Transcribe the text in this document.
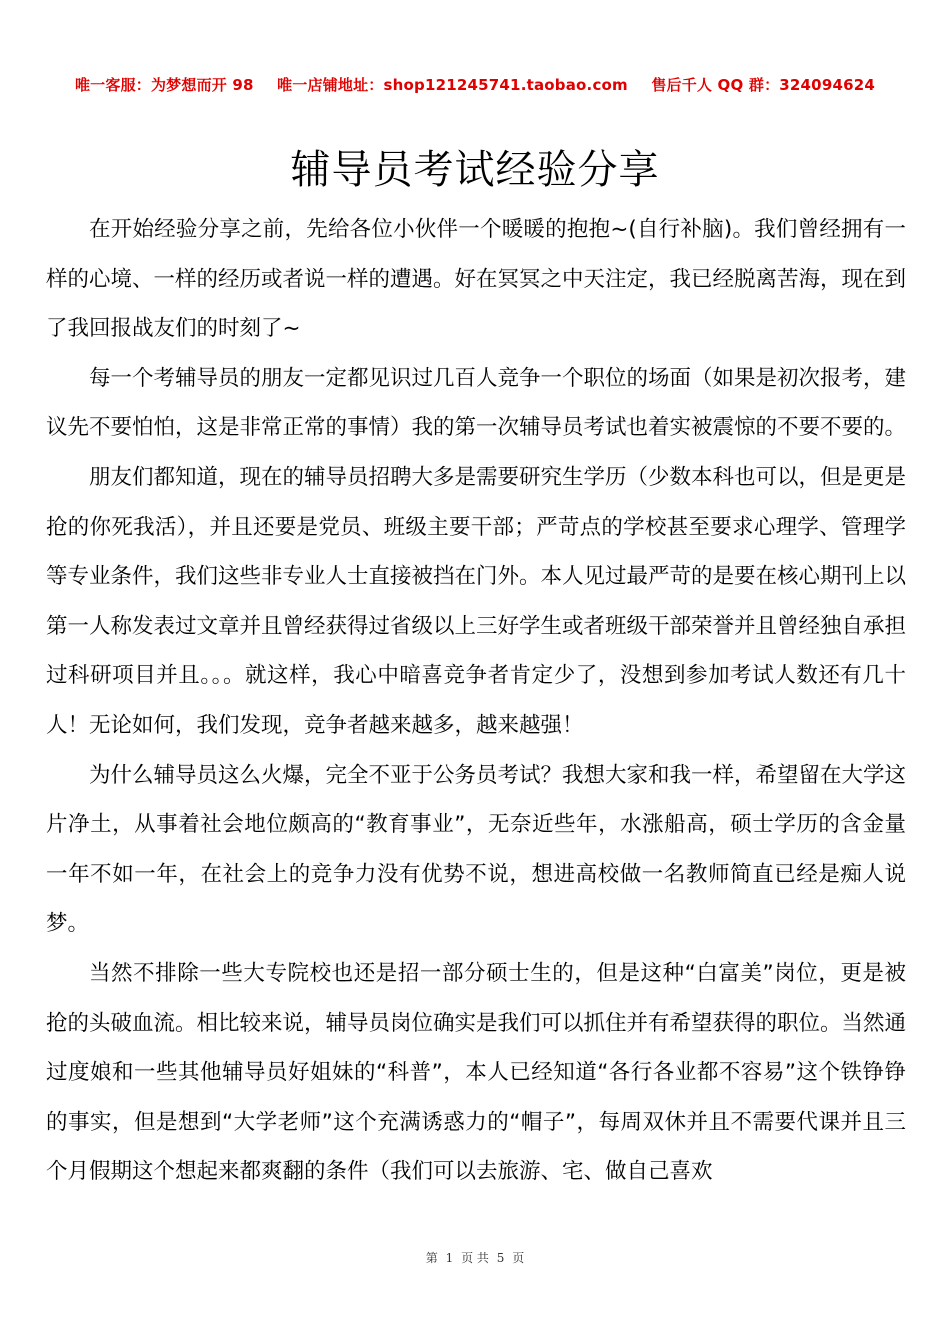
唯一客服：为梦想而开 98 唯一店铺地址：shop121245741.taobao.com 售后千人 QQ 群：324094624
辅导员考试经验分享

在开始经验分享之前，先给各位小伙伴一个暖暖的抱抱~(自行补脑)。我们曾经拥有一样的心境、一样的经历或者说一样的遭遇。好在冥冥之中天注定，我已经脱离苦海，现在到了我回报战友们的时刻了~

每一个考辅导员的朋友一定都见识过几百人竞争一个职位的场面（如果是初次报考，建议先不要怕怕，这是非常正常的事情）我的第一次辅导员考试也着实被震惊的不要不要的。

朋友们都知道，现在的辅导员招聘大多是需要研究生学历（少数本科也可以，但是更是抢的你死我活），并且还要是党员、班级主要干部；严苛点的学校甚至要求心理学、管理学等专业条件，我们这些非专业人士直接被挡在门外。本人见过最严苛的是要在核心期刊上以第一人称发表过文章并且曾经获得过省级以上三好学生或者班级干部荣誉并且曾经独自承担过科研项目并且。。。就这样，我心中暗喜竞争者肯定少了，没想到参加考试人数还有几十人！无论如何，我们发现，竞争者越来越多，越来越强！

为什么辅导员这么火爆，完全不亚于公务员考试？我想大家和我一样，希望留在大学这片净土，从事着社会地位颇高的“教育事业”，无奈近些年，水涨船高，硕士学历的含金量一年不如一年，在社会上的竞争力没有优势不说，想进高校做一名教师简直已经是痴人说梦。

当然不排除一些大专院校也还是招一部分硕士生的，但是这种“白富美”岗位，更是被抢的头破血流。相比较来说，辅导员岗位确实是我们可以抓住并有希望获得的职位。当然通过度娘和一些其他辅导员好姐妹的“科普”，本人已经知道“各行各业都不容易”这个铁铮铮的事实，但是想到“大学老师”这个充满诱惑力的“帽子”，每周双休并且不需要代课并且三个月假期这个想起来都爽翻的条件（我们可以去旅游、宅、做自己喜欢

第 1 页 共 5 页
